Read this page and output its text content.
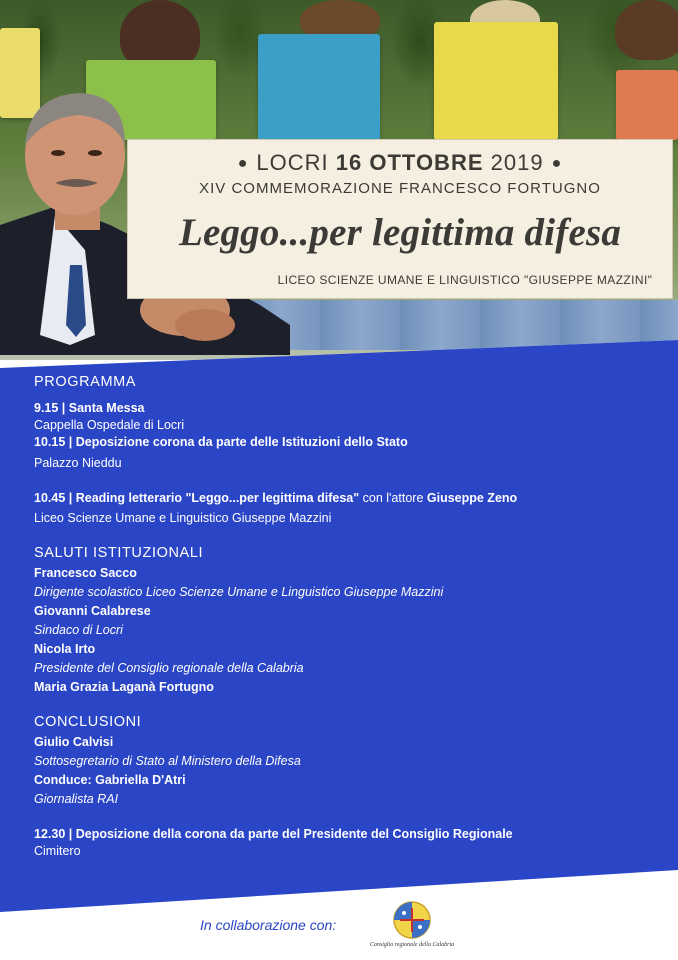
● LOCRI 16 OTTOBRE 2019 ●
XIV COMMEMORAZIONE FRANCESCO FORTUGNO
Leggo...per legittima difesa
LICEO SCIENZE UMANE E LINGUISTICO "GIUSEPPE MAZZINI"
PROGRAMMA
9.15 | Santa Messa
Cappella Ospedale di Locri
10.15 | Deposizione corona da parte delle Istituzioni dello Stato
Palazzo Nieddu
10.45 | Reading letterario "Leggo...per legittima difesa" con l'attore Giuseppe Zeno
Liceo Scienze Umane e Linguistico Giuseppe Mazzini
SALUTI ISTITUZIONALI
Francesco Sacco
Dirigente scolastico Liceo Scienze Umane e Linguistico Giuseppe Mazzini
Giovanni Calabrese
Sindaco di Locri
Nicola Irto
Presidente del Consiglio regionale della Calabria
Maria Grazia Laganà Fortugno
CONCLUSIONI
Giulio Calvisi
Sottosegretario di Stato al Ministero della Difesa
Conduce: Gabriella D'Atri
Giornalista RAI
12.30 | Deposizione della corona da parte del Presidente del Consiglio Regionale
Cimitero
In collaborazione con:
Consiglio regionale della Calabria
